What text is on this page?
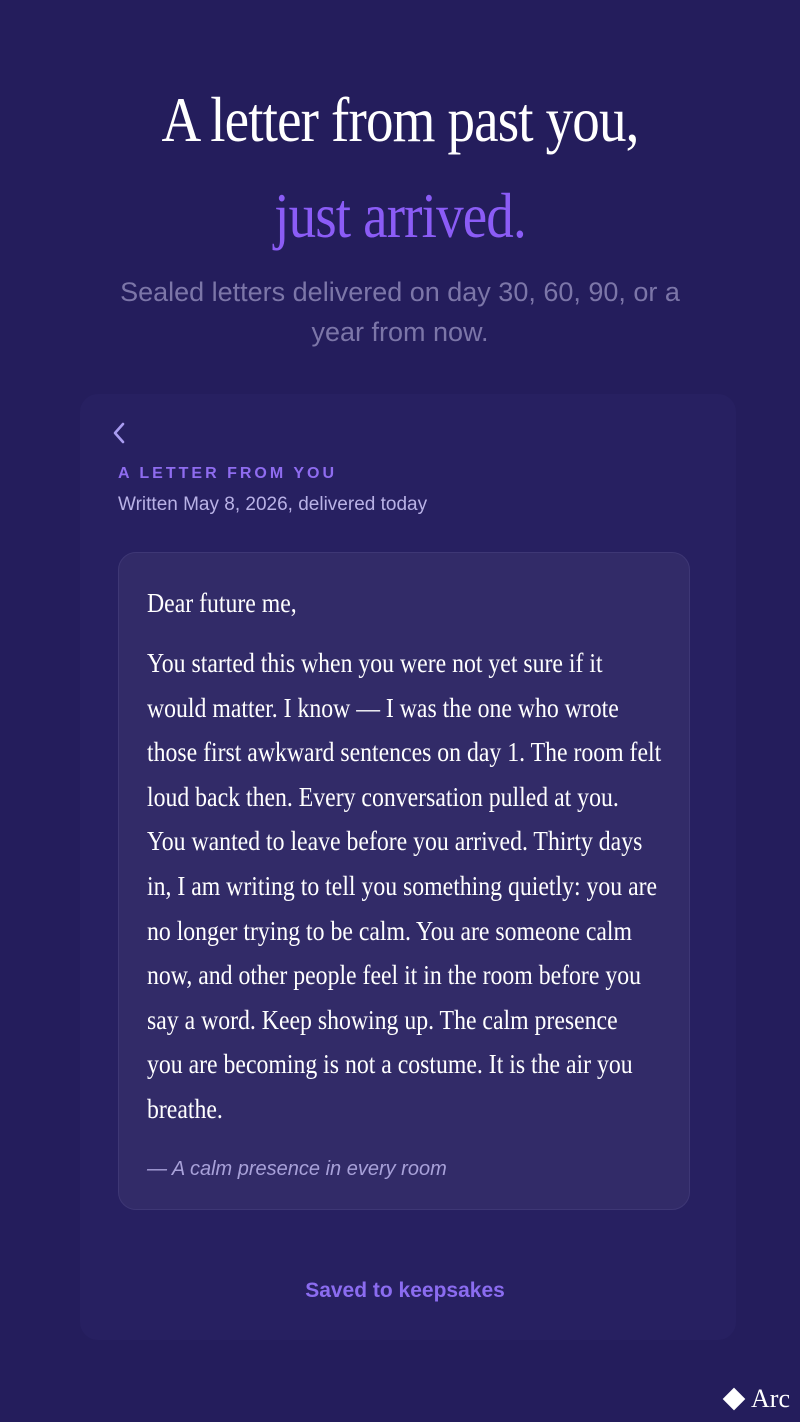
A letter from past you,
just arrived.
Sealed letters delivered on day 30, 60, 90, or a year from now.
A LETTER FROM YOU
Written May 8, 2026, delivered today
Dear future me,
You started this when you were not yet sure if it
would matter. I know — I was the one who wrote
those first awkward sentences on day 1. The room felt
loud back then. Every conversation pulled at you.
You wanted to leave before you arrived. Thirty days
in, I am writing to tell you something quietly: you are
no longer trying to be calm. You are someone calm
now, and other people feel it in the room before you
say a word. Keep showing up. The calm presence
you are becoming is not a costume. It is the air you
breathe.
— A calm presence in every room
Saved to keepsakes
Arc
